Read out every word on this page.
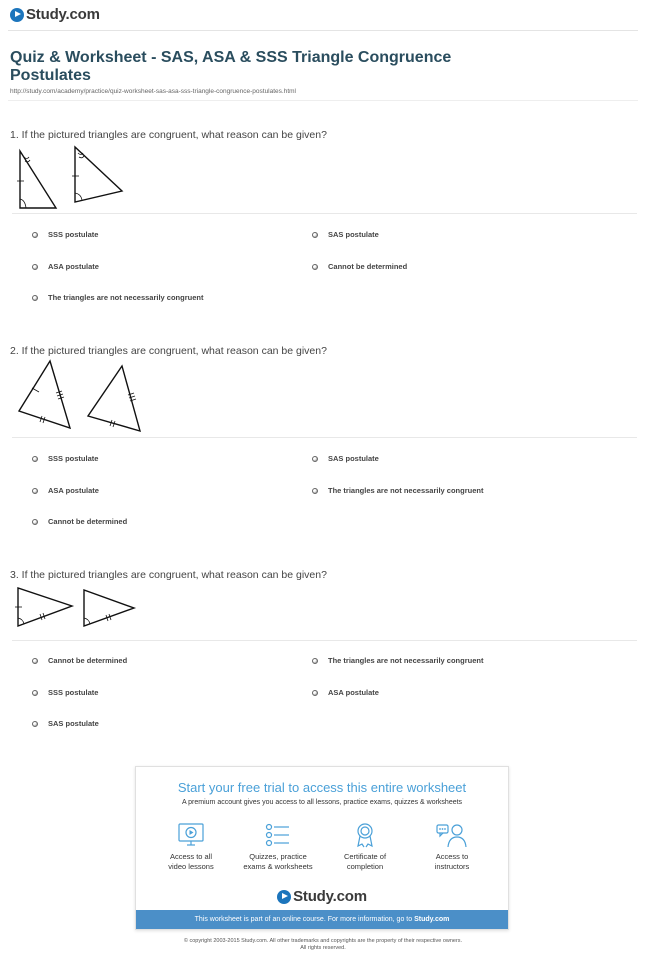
Study.com
Quiz & Worksheet - SAS, ASA & SSS Triangle Congruence Postulates
http://study.com/academy/practice/quiz-worksheet-sas-asa-sss-triangle-congruence-postulates.html
1. If the pictured triangles are congruent, what reason can be given?
SSS postulate	SAS postulate
ASA postulate	Cannot be determined
The triangles are not necessarily congruent
2. If the pictured triangles are congruent, what reason can be given?
SSS postulate	SAS postulate
ASA postulate	The triangles are not necessarily congruent
Cannot be determined
3. If the pictured triangles are congruent, what reason can be given?
Cannot be determined	The triangles are not necessarily congruent
SSS postulate	ASA postulate
SAS postulate
Start your free trial to access this entire worksheet
A premium account gives you access to all lessons, practice exams, quizzes & worksheets
Access to all
video lessons
Quizzes, practice
exams & worksheets
Certificate of
completion
Access to
instructors
Study.com
This worksheet is part of an online course. For more information, go to Study.com
© copyright 2003-2015 Study.com. All other trademarks and copyrights are the property of their respective owners.
All rights reserved.
